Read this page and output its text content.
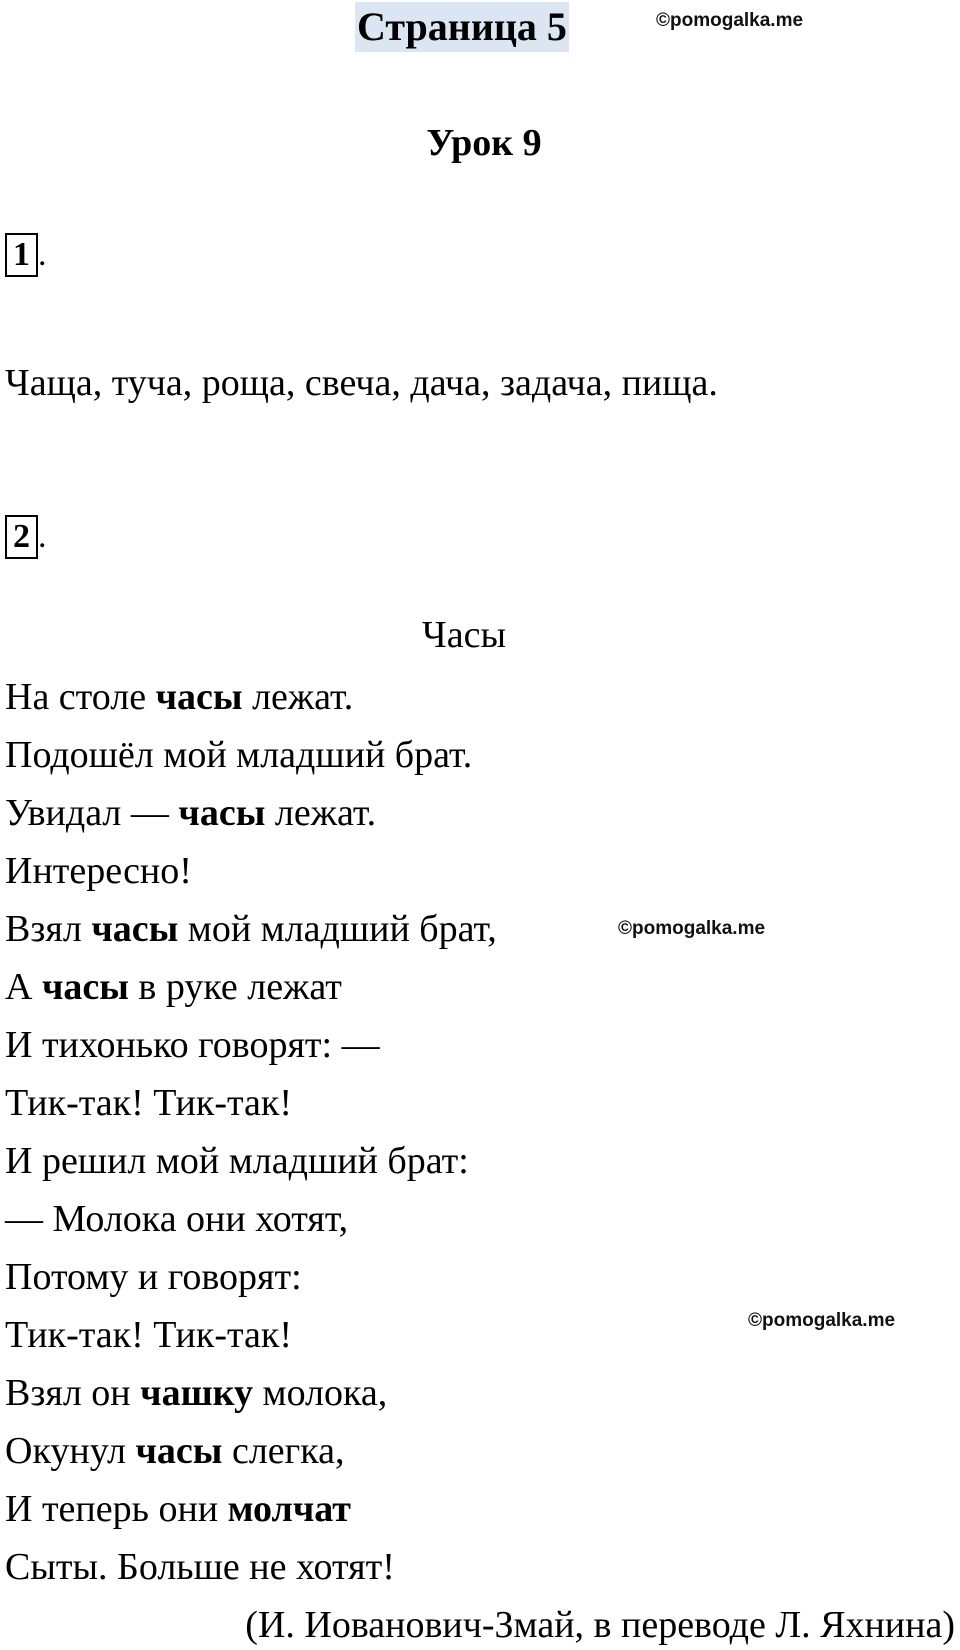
Страница 5	©pomogalka.me
Урок 9
1 .
Чаща, туча, роща, свеча, дача, задача, пища.
2 .
Часы
На столе часы лежат.
Подошёл мой младший брат.
Увидал — часы лежат.
Интересно!
Взял часы мой младший брат,
А часы в руке лежат
И тихонько говорят: —
Тик-так! Тик-так!
И решил мой младший брат:
— Молока они хотят,
Потому и говорят:
Тик-так! Тик-так!
Взял он чашку молока,
Окунул часы слегка,
И теперь они молчат
Сыты. Больше не хотят!
©pomogalka.me
©pomogalka.me
(И. Иованович-Змай, в переводе Л. Яхнина)
